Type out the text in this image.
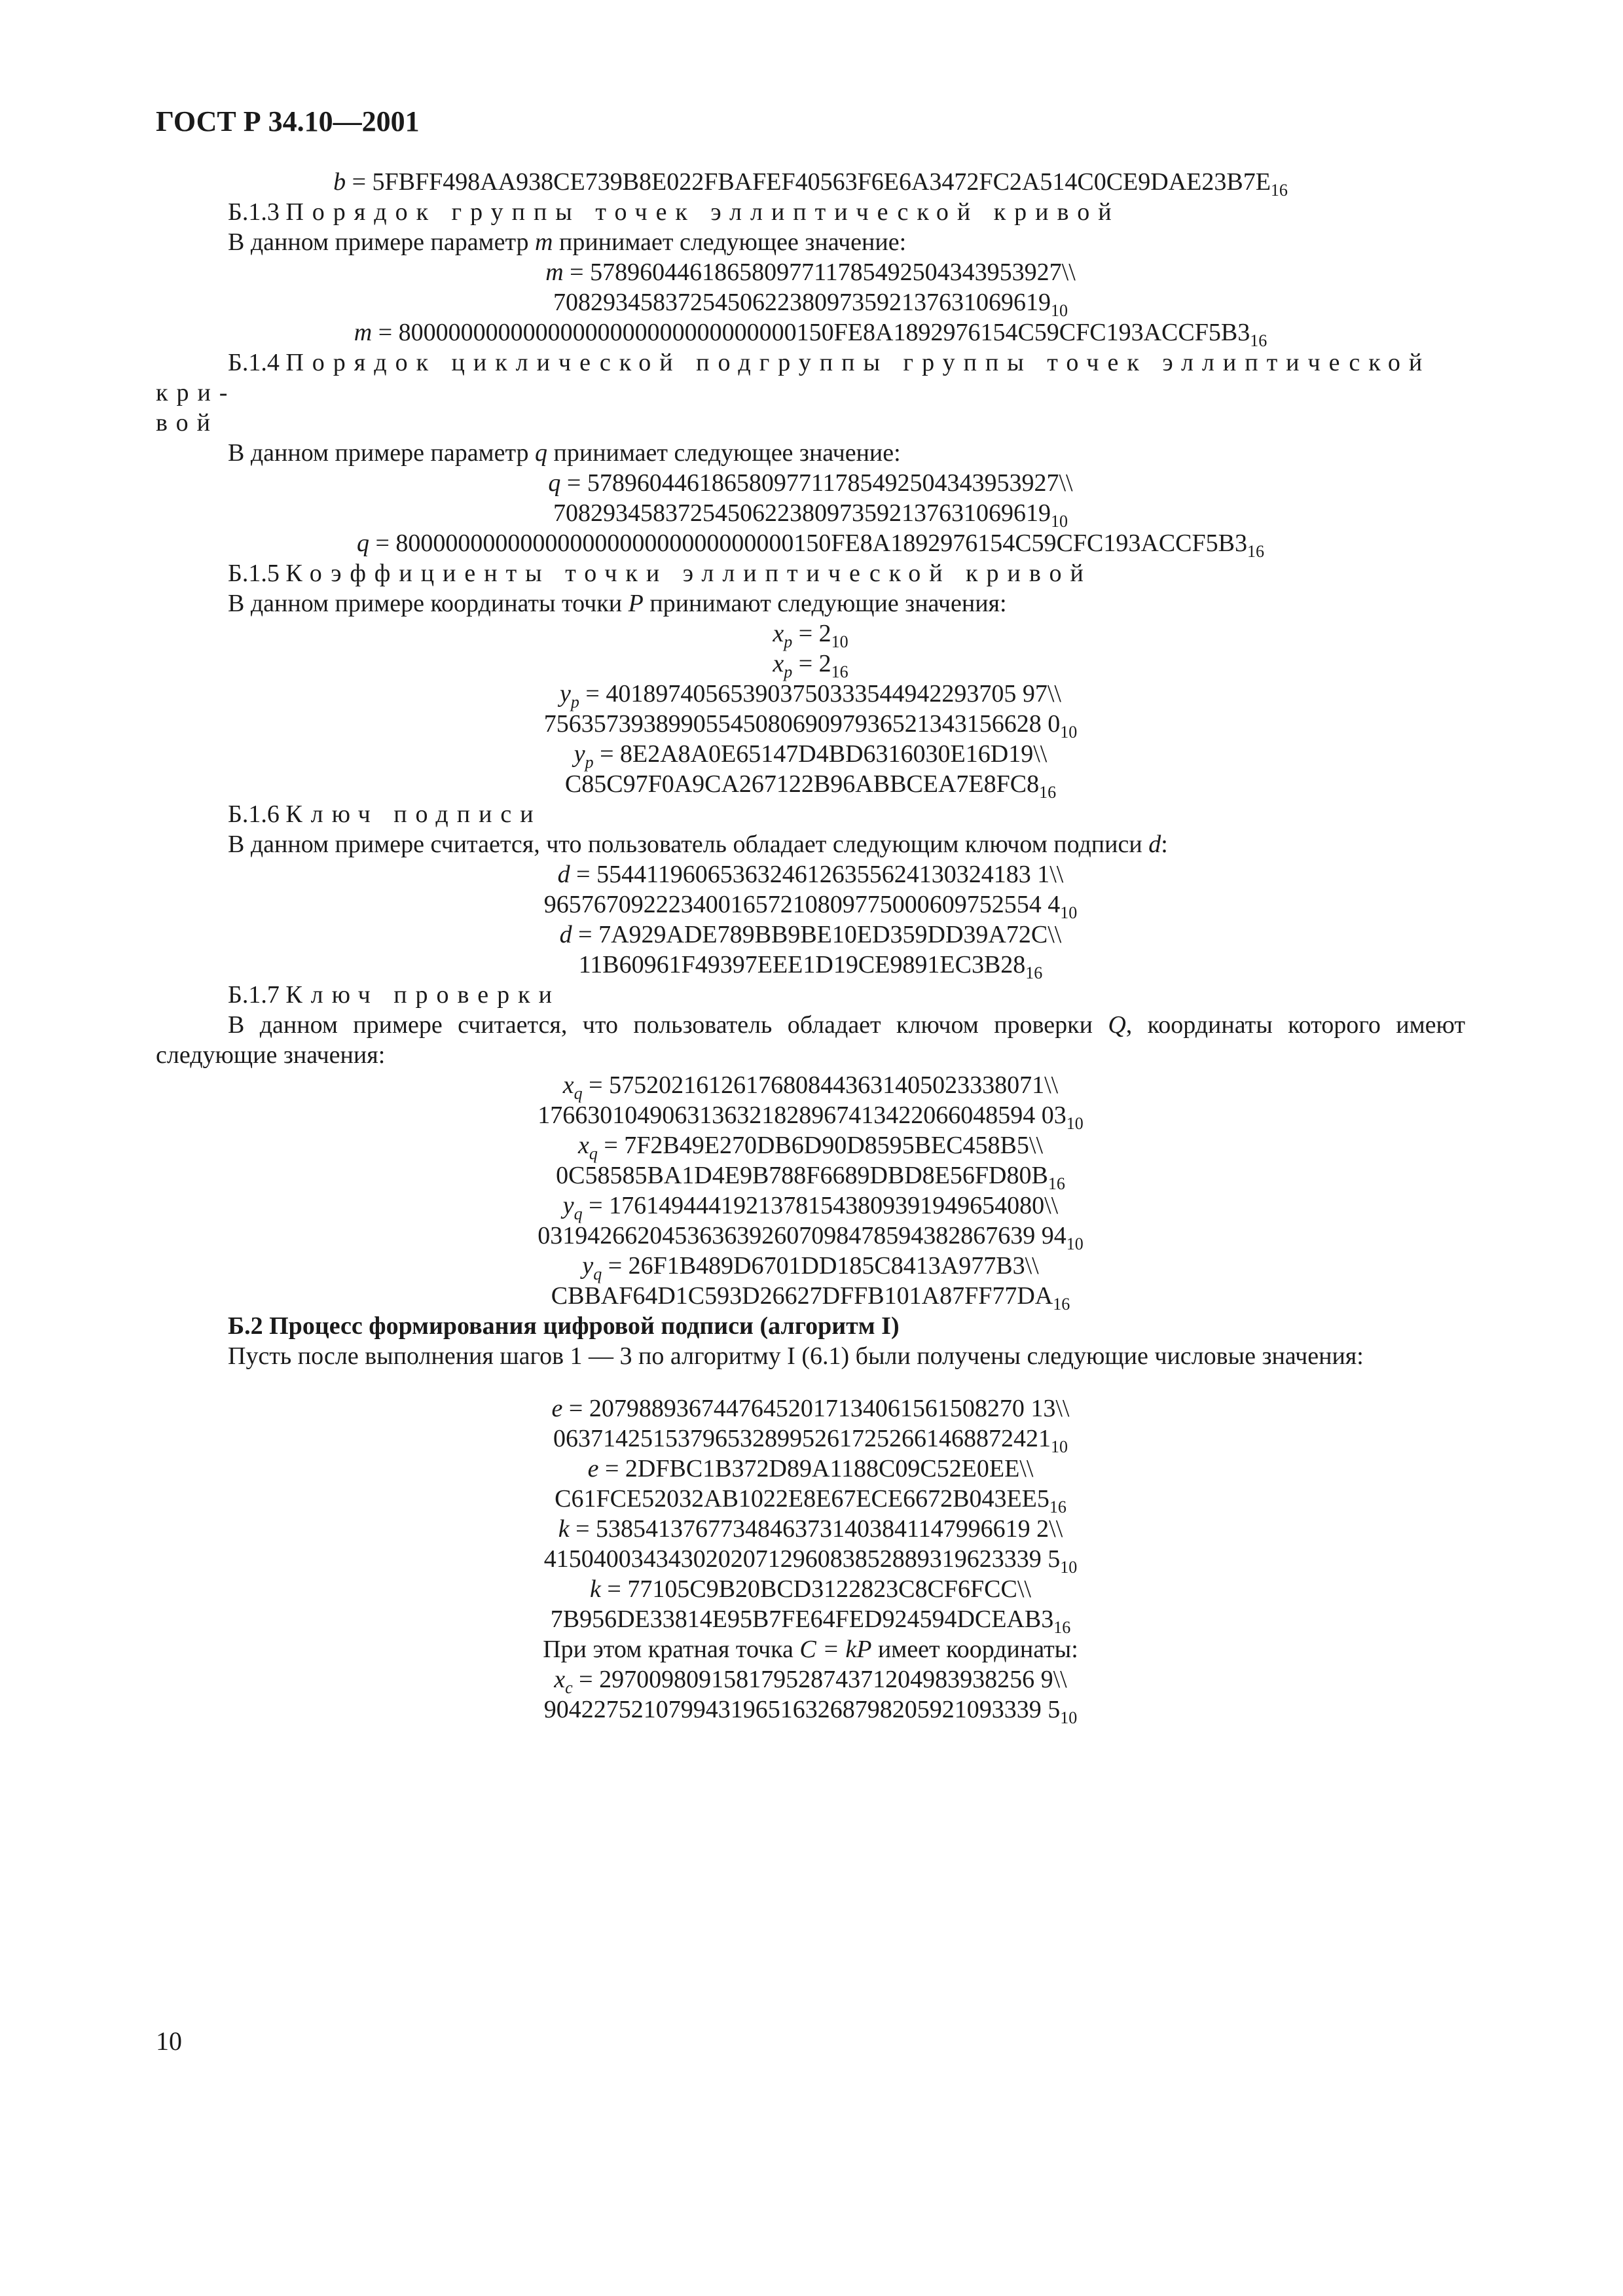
ГОСТ Р 34.10—2001

$b = 5FBFF498AA938CE739B8E022FBAFEF40563F6E6A3472FC2A514C0CE9DAE23B7E_{16}$

Б.1.3 Порядок группы точек эллиптической кривой

В данном примере параметр m принимает следующее значение:

m = 57896044618658097711785492504343953927\\

$7082934583725450622380973592137631069619_{10}$

$m = 80000000000000000000000000000000150FE8A1892976154C59CFC193ACCF5B3_{16}$

Б.1.4 Порядок циклической подгруппы группы точек эллиптической кри-

вой

В данном примере параметр q принимает следующее значение:

q = 57896044618658097711785492504343953927\\

$7082934583725450622380973592137631069619_{10}$

$q = 80000000000000000000000000000000150FE8A1892976154C59CFC193ACCF5B3_{16}$

Б.1.5 Коэффициенты точки эллиптической кривой

В данном примере координаты точки P принимают следующие значения:

$x_p = 2_{10}$

$x_p = 2_{16}$

$y_p = 401897405653903750333544942293705$ 97\\

7563573938990554508069097936521343156628 $0_{10}$

$y_p$ = 8E2A8A0E65147D4BD6316030E16D19\\

$C85C97F0A9CA267122B96ABBCEA7E8FC8_{16}$

Б.1.6 Ключ подписи

В данном примере считается, что пользователь обладает следующим ключом подписи d:

d = 55441196065363246126355624130324183 1\\

9657670922234001657210809775000609752554 $4_{10}$

d = 7A929ADE789BB9BE10ED359DD39A72C\\

$11B60961F49397EEE1D19CE9891EC3B28_{16}$

Б.1.7 Ключ проверки

В данном примере считается, что пользователь обладает ключом проверки Q, координаты которого имеют следующие значения:

$x_q$ = 57520216126176808443631405023338071\\

1766301049063136321828967413422066048594 $03_{10}$

$x_q$ = 7F2B49E270DB6D90D8595BEC458B5\\

$0C58585BA1D4E9B788F6689DBD8E56FD80B_{16}$

$y_q$ = 17614944419213781543809391949654080\\

0319426620453636392607098478594382867639 $94_{10}$

$y_q$ = 26F1B489D6701DD185C8413A977B3\\

$CBBAF64D1C593D26627DFFB101A87FF77DA_{16}$

Б.2 Процесс формирования цифровой подписи (алгоритм I)

Пусть после выполнения шагов 1 — 3 по алгоритму I (6.1) были получены следующие числовые значения:

e = 20798893674476452017134061561508270 13\\

$0637142515379653289952617252661468872421_{10}$

e = 2DFBC1B372D89A1188C09C52E0EE\\

$C61FCE52032AB1022E8E67ECE6672B043EE5_{16}$

k = 53854137677348463731403841147996619 2\\

4150400343430202071296083852889319623339 $5_{10}$

k = 77105C9B20BCD3122823C8CF6FCC\\

$7B956DE33814E95B7FE64FED924594DCEAB3_{16}$

При этом кратная точка C = kP имеет координаты:

$x_c = 29700980915817952874371204983938256$ 9\\

9042275210799431965163268798205921093339 $5_{10}$

10
